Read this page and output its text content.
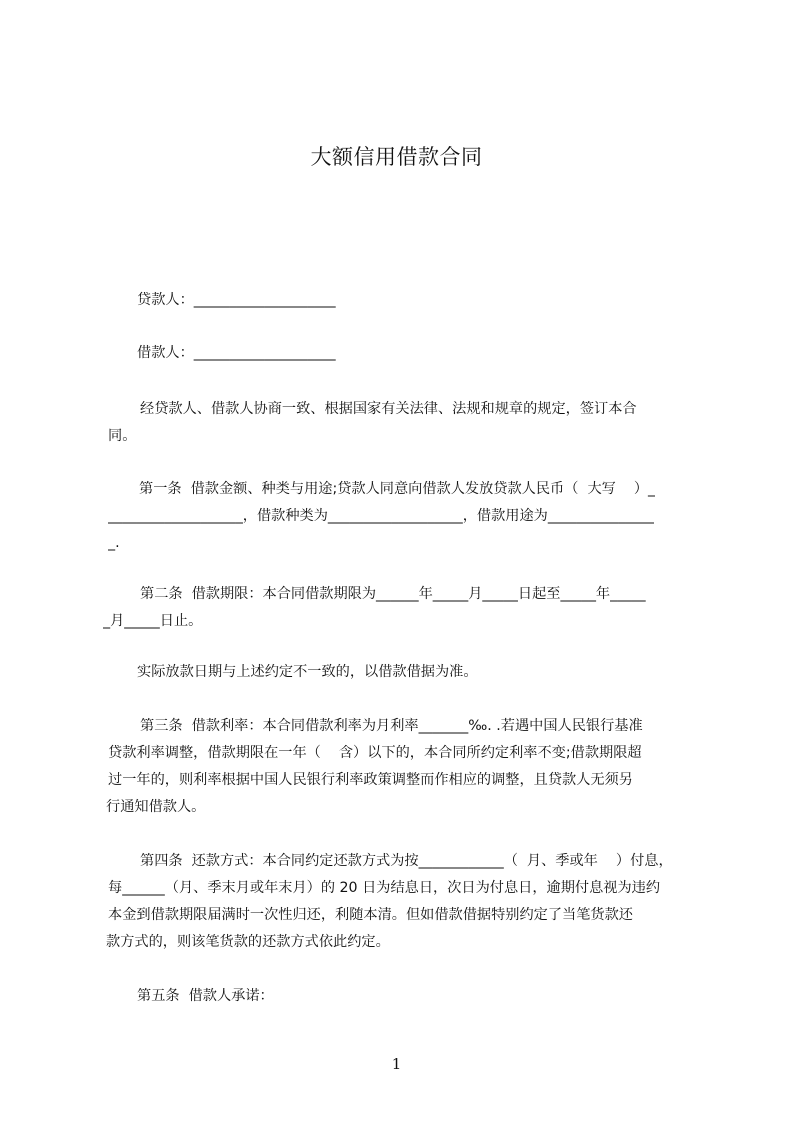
大额信用借款合同
贷款人：____________________
借款人：____________________
经贷款人、借款人协商一致、根据国家有关法律、法规和规章的规定，签订本合
同。
第一条  借款金额、种类与用途;贷款人同意向借款人发放贷款人民币（  大写    ）_
___________________，借款种类为___________________，借款用途为_______________
_.
第二条  借款期限：本合同借款期限为______年_____月_____日起至_____年_____
_月_____日止。
实际放款日期与上述约定不一致的，以借款借据为准。
第三条  借款利率：本合同借款利率为月利率_______‰. .若遇中国人民银行基准
贷款利率调整，借款期限在一年（    含）以下的，本合同所约定利率不变;借款期限超
过一年的，则利率根据中国人民银行利率政策调整而作相应的调整，且贷款人无须另
行通知借款人。
第四条  还款方式：本合同约定还款方式为按____________（  月、季或年    ）付息，
每______（月、季末月或年末月）的 20 日为结息日，次日为付息日，逾期付息视为违约
本金到借款期限届满时一次性归还，利随本清。但如借款借据特别约定了当笔货款还
款方式的，则该笔货款的还款方式依此约定。
第五条  借款人承诺：
1
